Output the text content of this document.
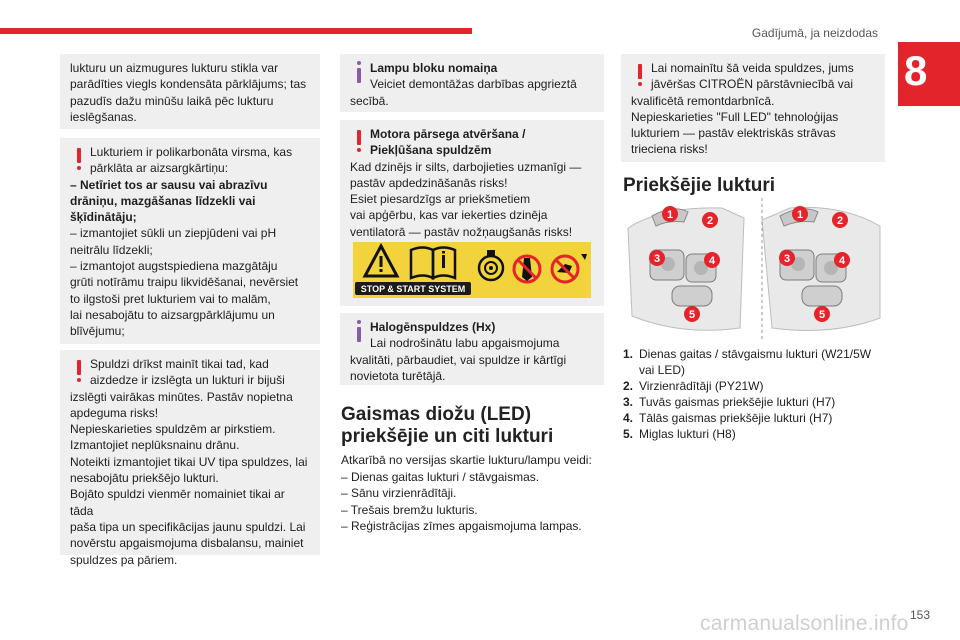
Gadījumā, ja neizdodas
8

lukturu un aizmugures lukturu stikla var

parādīties viegls kondensāta pārklājums; tas

pazudīs dažu minūšu laikā pēc lukturu

ieslēgšanas.

Lukturiem ir polikarbonāta virsma, kas

pārklāta ar aizsargkārtiņu:

– Netīriet tos ar sausu vai abrazīvu

drāniņu, mazgāšanas līdzekli vai

šķīdinātāju;

– izmantojiet sūkli un ziepjūdeni vai pH

neitrālu līdzekli;

– izmantojot augstspiediena mazgātāju

grūti notīrāmu traipu likvidēšanai, nevērsiet

to ilgstoši pret lukturiem vai to malām,

lai nesabojātu to aizsargpārklājumu un

blīvējumu;

Spuldzi drīkst mainīt tikai tad, kad

aizdedze ir izslēgta un lukturi ir bijuši

izslēgti vairākas minūtes. Pastāv nopietna

apdeguma risks!

Nepieskarieties spuldzēm ar pirkstiem.

Izmantojiet neplūksnainu drānu.

Noteikti izmantojiet tikai UV tipa spuldzes, lai

nesabojātu priekšējo lukturi.

Bojāto spuldzi vienmēr nomainiet tikai ar tāda

paša tipa un specifikācijas jaunu spuldzi. Lai

novērstu apgaismojuma disbalansu, mainiet

spuldzes pa pāriem.

Lampu bloku nomaiņa

Veiciet demontāžas darbības apgrieztā

secībā.

Motora pārsega atvēršana /

Piekļūšana spuldzēm

Kad dzinējs ir silts, darbojieties uzmanīgi —

pastāv apdedzināšanās risks!

Esiet piesardzīgs ar priekšmetiem

vai apģērbu, kas var iekerties dzinēja

ventilatorā — pastāv nožņaugšanās risks!

STOP & START SYSTEM

Halogēnspuldzes (Hx)

Lai nodrošinātu labu apgaismojuma

kvalitāti, pārbaudiet, vai spuldze ir kārtīgi

novietota turētājā.

Gaismas diožu (LED)
priekšējie un citi lukturi

Atkarībā no versijas skartie lukturu/lampu veidi:

– Dienas gaitas lukturi / stāvgaismas.

– Sānu virzienrādītāji.

– Trešais bremžu lukturis.

– Reģistrācijas zīmes apgaismojuma lampas.

Lai nomainītu šā veida spuldzes, jums

jāvēršas CITROËN pārstāvniecībā vai

kvalificētā remontdarbnīcā.

Nepieskarieties "Full LED" tehnoloģijas

lukturiem — pastāv elektriskās strāvas

trieciena risks!

Priekšējie lukturi
1	2
3	4
5
1	2
3	4
5
1. Dienas gaitas / stāvgaismu lukturi (W21/5W
vai LED)
2. Virzienrādītāji (PY21W)
3. Tuvās gaismas priekšējie lukturi (H7)
4. Tālās gaismas priekšējie lukturi (H7)
5. Miglas lukturi (H8)
153
carmanualsonline.info
